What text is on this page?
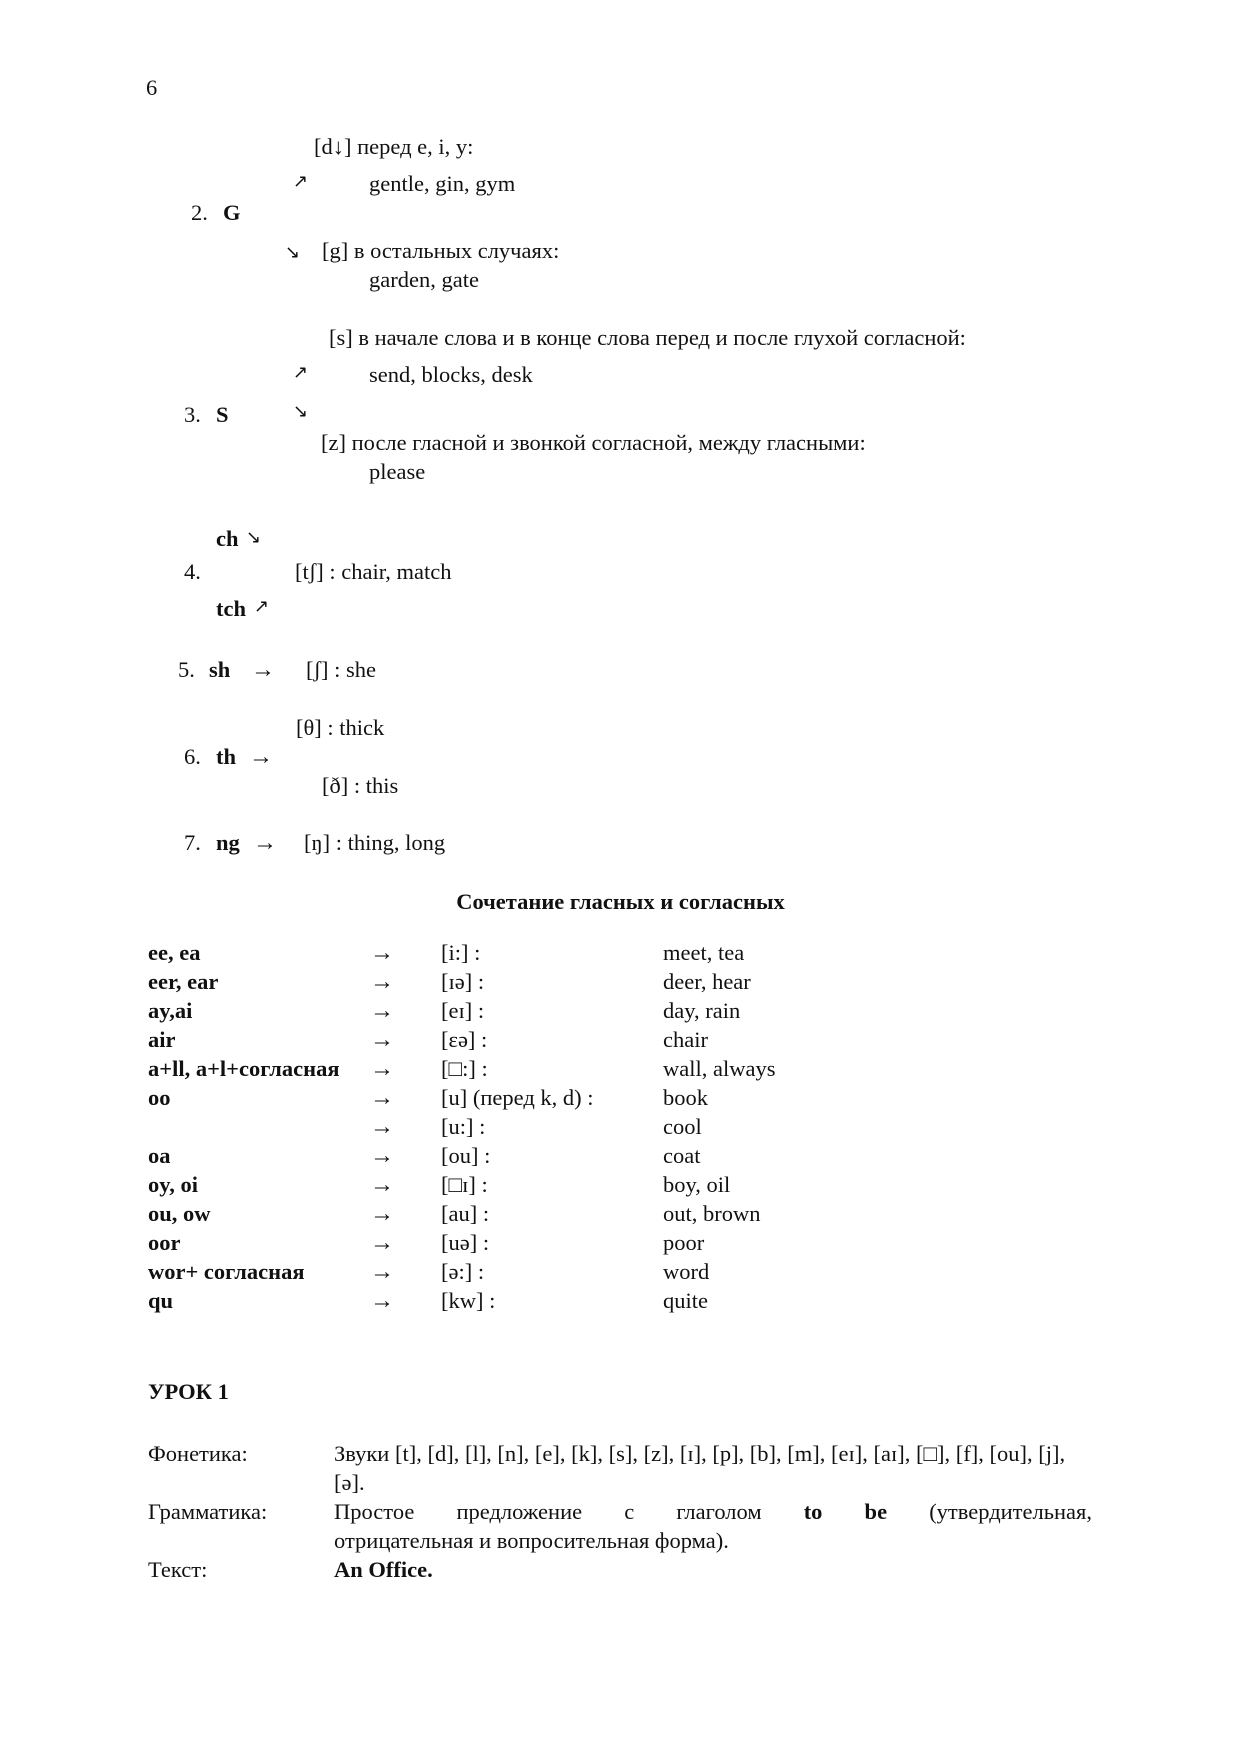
6
[d↓] перед e, i, y:
↗	gentle, gin, gym
2. G
↘ [g] в остальных случаях:
garden, gate
[s] в начале слова и в конце слова перед и после глухой согласной:
↗	send, blocks, desk
3. S	↘
[z] после гласной и звонкой согласной, между гласными:
please
ch ↘
4.	[tʃ] : chair, match
tch ↗
5. sh → [ʃ] : she
[θ] : thick
6. th →
[ð] : this
7. ng → [ŋ] : thing, long
Сочетание гласных и согласных
ee, ea	→ [i:] :	meet, tea
eer, ear	→ [ɪə] :	deer, hear
ay,ai	→ [eɪ] :	day, rain
air	→ [ɛə] :	chair
a+ll, a+l+согласная → [□:] :	wall, always
oo	→ [u] (перед k, d) :	book
→ [u:] :	cool
oa	→ [ou] :	coat
oy, oi	→ [□ɪ] :	boy, oil
ou, ow	→ [au] :	out, brown
oor	→ [uə] :	poor
wor+ согласная	→ [ə:] :	word
qu	→ [kw] :	quite
УРОК 1
Фонетика:	Звуки [t], [d], [l], [n], [e], [k], [s], [z], [ɪ], [p], [b], [m], [eɪ], [aɪ], [□], [f], [ou], [j], [ə].
Грамматика:	Простое предложение с глаголом to be (утвердительная,
отрицательная и вопросительная форма).
Текст:	An Office.
